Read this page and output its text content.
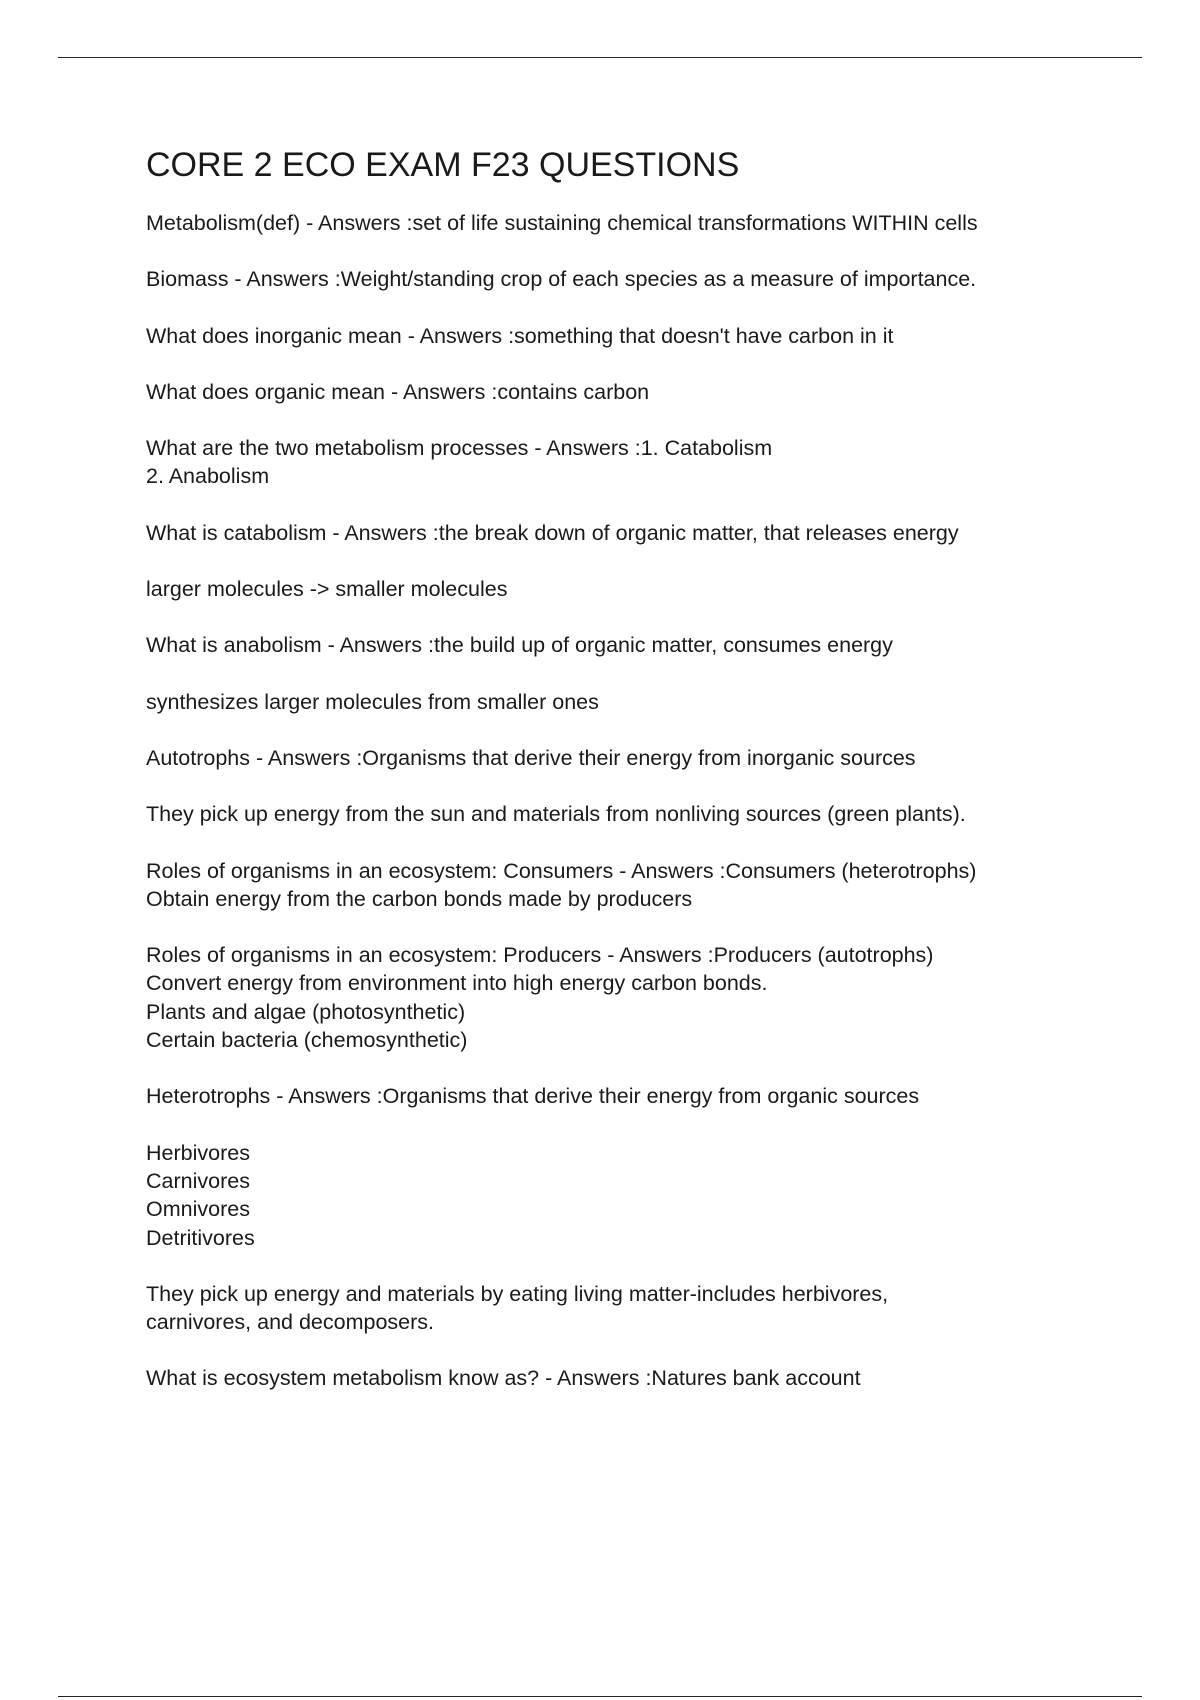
CORE 2 ECO EXAM F23 QUESTIONS

Metabolism(def) - Answers :set of life sustaining chemical transformations WITHIN cells

Biomass - Answers :Weight/standing crop of each species as a measure of importance.

What does inorganic mean - Answers :something that doesn't have carbon in it

What does organic mean - Answers :contains carbon

What are the two metabolism processes - Answers :1. Catabolism
2. Anabolism

What is catabolism - Answers :the break down of organic matter, that releases energy

larger molecules -> smaller molecules

What is anabolism - Answers :the build up of organic matter, consumes energy

synthesizes larger molecules from smaller ones

Autotrophs - Answers :Organisms that derive their energy from inorganic sources

They pick up energy from the sun and materials from nonliving sources (green plants).

Roles of organisms in an ecosystem: Consumers - Answers :Consumers (heterotrophs)
Obtain energy from the carbon bonds made by producers

Roles of organisms in an ecosystem: Producers - Answers :Producers (autotrophs)
Convert energy from environment into high energy carbon bonds.
Plants and algae (photosynthetic)
Certain bacteria (chemosynthetic)

Heterotrophs - Answers :Organisms that derive their energy from organic sources

Herbivores
Carnivores
Omnivores
Detritivores

They pick up energy and materials by eating living matter-includes herbivores,
carnivores, and decomposers.

What is ecosystem metabolism know as? - Answers :Natures bank account
